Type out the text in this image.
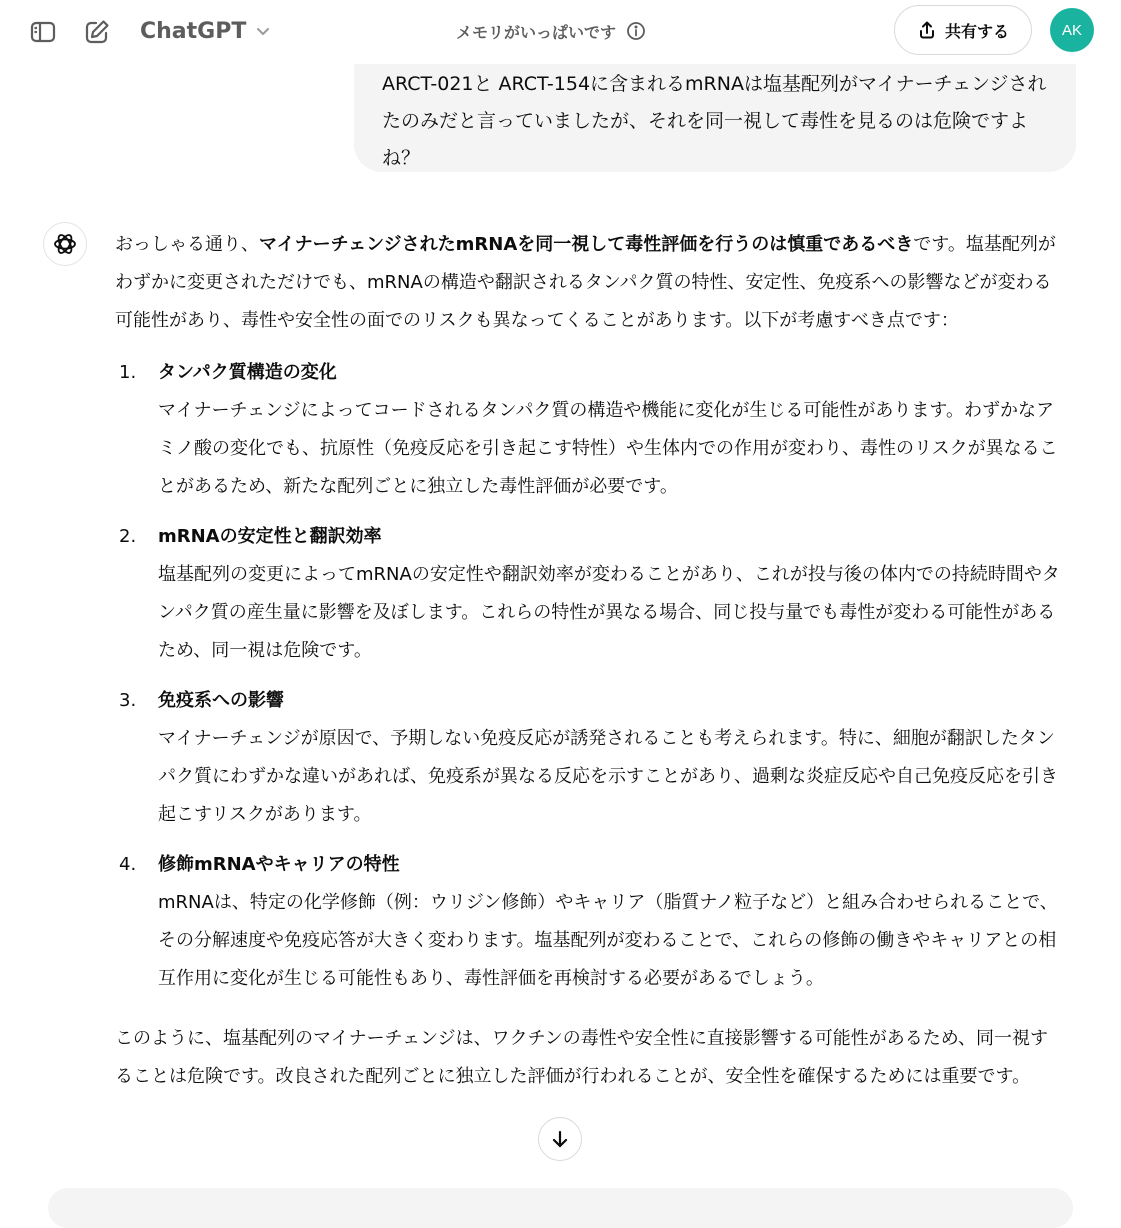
ChatGPT	メモリがいっぱいです	共有する	AK
ARCT-021と ARCT-154に含まれるmRNAは塩基配列がマイナーチェンジされたのみだと言っていましたが、それを同一視して毒性を見るのは危険ですよね？

おっしゃる通り、マイナーチェンジされたmRNAを同一視して毒性評価を行うのは慎重であるべきです。塩基配列がわずかに変更されただけでも、mRNAの構造や翻訳されるタンパク質の特性、安定性、免疫系への影響などが変わる可能性があり、毒性や安全性の面でのリスクも異なってくることがあります。以下が考慮すべき点です：

1.	タンパク質構造の変化
マイナーチェンジによってコードされるタンパク質の構造や機能に変化が生じる可能性があります。わずかなアミノ酸の変化でも、抗原性（免疫反応を引き起こす特性）や生体内での作用が変わり、毒性のリスクが異なることがあるため、新たな配列ごとに独立した毒性評価が必要です。
2.	mRNAの安定性と翻訳効率
塩基配列の変更によってmRNAの安定性や翻訳効率が変わることがあり、これが投与後の体内での持続時間やタンパク質の産生量に影響を及ぼします。これらの特性が異なる場合、同じ投与量でも毒性が変わる可能性があるため、同一視は危険です。
3.	免疫系への影響
マイナーチェンジが原因で、予期しない免疫反応が誘発されることも考えられます。特に、細胞が翻訳したタンパク質にわずかな違いがあれば、免疫系が異なる反応を示すことがあり、過剰な炎症反応や自己免疫反応を引き起こすリスクがあります。
4.	修飾mRNAやキャリアの特性
mRNAは、特定の化学修飾（例：ウリジン修飾）やキャリア（脂質ナノ粒子など）と組み合わせられることで、その分解速度や免疫応答が大きく変わります。塩基配列が変わることで、これらの修飾の働きやキャリアとの相互作用に変化が生じる可能性もあり、毒性評価を再検討する必要があるでしょう。

このように、塩基配列のマイナーチェンジは、ワクチンの毒性や安全性に直接影響する可能性があるため、同一視することは危険です。改良された配列ごとに独立した評価が行われることが、安全性を確保するためには重要です。
